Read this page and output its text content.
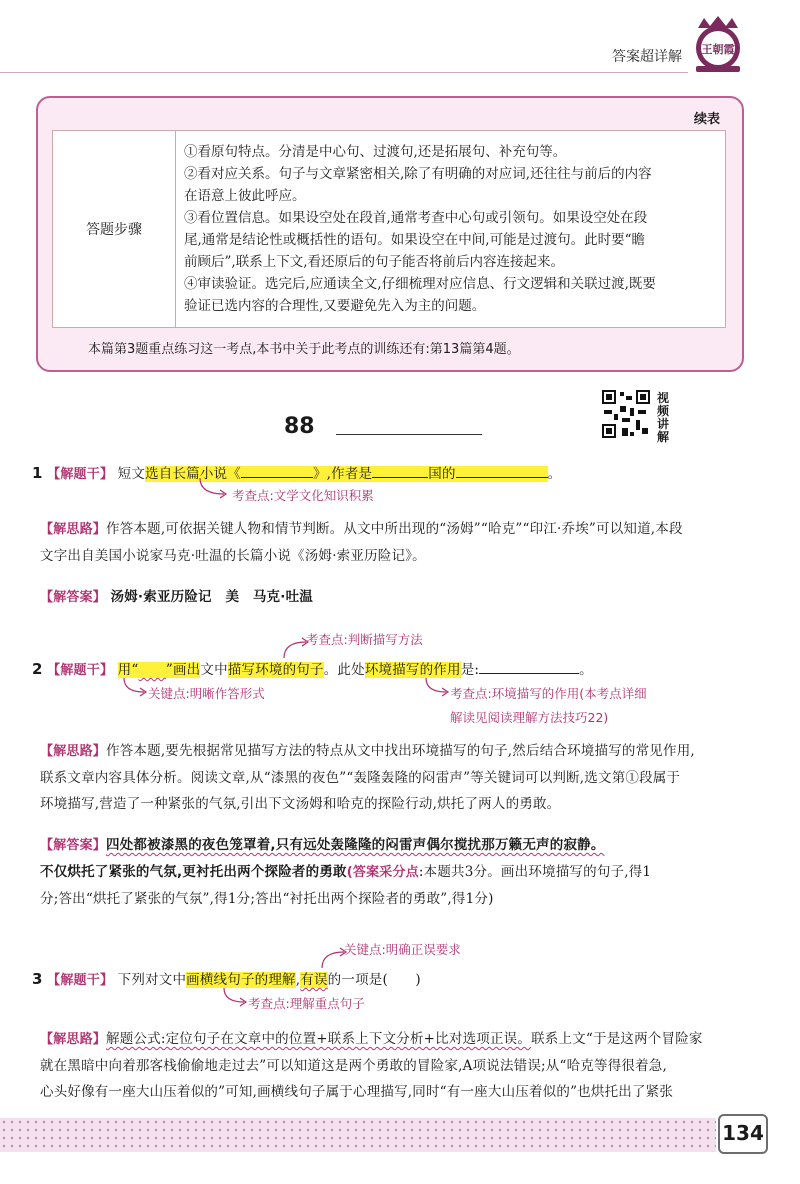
答案超详解 王朝霞
续表
答题步骤	
①看原句特点。分清是中心句、过渡句,还是拓展句、补充句等。
②看对应关系。句子与文章紧密相关,除了有明确的对应词,还往往与前后的内容
在语意上彼此呼应。
③看位置信息。如果设空处在段首,通常考查中心句或引领句。如果设空处在段
尾,通常是结论性或概括性的语句。如果设空在中间,可能是过渡句。此时要“瞻
前顾后”,联系上下文,看还原后的句子能否将前后内容连接起来。
④审读验证。选完后,应通读全文,仔细梳理对应信息、行文逻辑和关联过渡,既要
验证已选内容的合理性,又要避免先入为主的问题。
本篇第3题重点练习这一考点,本书中关于此考点的训练还有:第13篇第4题。
88
视频讲解
1 【解题干】 短文选自长篇小说《	》,作者是	国的	。
考查点:文学文化知识积累
【解思路】作答本题,可依据关键人物和情节判断。从文中所出现的“汤姆”“哈克”“印江·乔埃”可以知道,本段
文字出自美国小说家马克·吐温的长篇小说《汤姆·索亚历险记》。
【解答案】 汤姆·索亚历险记　美　马克·吐温
考查点:判断描写方法
2 【解题干】 用“　　 ”画出文中描写环境的句子。此处环境描写的作用是:	。
关键点:明晰作答形式	考查点:环境描写的作用(本考点详细
解读见阅读理解方法技巧22)
【解思路】作答本题,要先根据常见描写方法的特点从文中找出环境描写的句子,然后结合环境描写的常见作用,
联系文章内容具体分析。阅读文章,从“漆黑的夜色”“轰隆轰隆的闷雷声”等关键词可以判断,选文第①段属于
环境描写,营造了一种紧张的气氛,引出下文汤姆和哈克的探险行动,烘托了两人的勇敢。
【解答案】四处都被漆黑的夜色笼罩着,只有远处轰隆隆的闷雷声偶尔搅扰那万籁无声的寂静。
不仅烘托了紧张的气氛,更衬托出两个探险者的勇敢(答案采分点:本题共3分。画出环境描写的句子,得1
分;答出“烘托了紧张的气氛”,得1分;答出“衬托出两个探险者的勇敢”,得1分)
关键点:明确正误要求
3 【解题干】 下列对文中画横线句子的理解,有误的一项是(　　)
考查点:理解重点句子
【解思路】解题公式:定位句子在文章中的位置+联系上下文分析+比对选项正误。联系上文“于是这两个冒险家
就在黑暗中向着那客栈偷偷地走过去”可以知道这是两个勇敢的冒险家,A项说法错误;从“哈克等得很着急,
心头好像有一座大山压着似的”可知,画横线句子属于心理描写,同时“有一座大山压着似的”也烘托出了紧张
134
